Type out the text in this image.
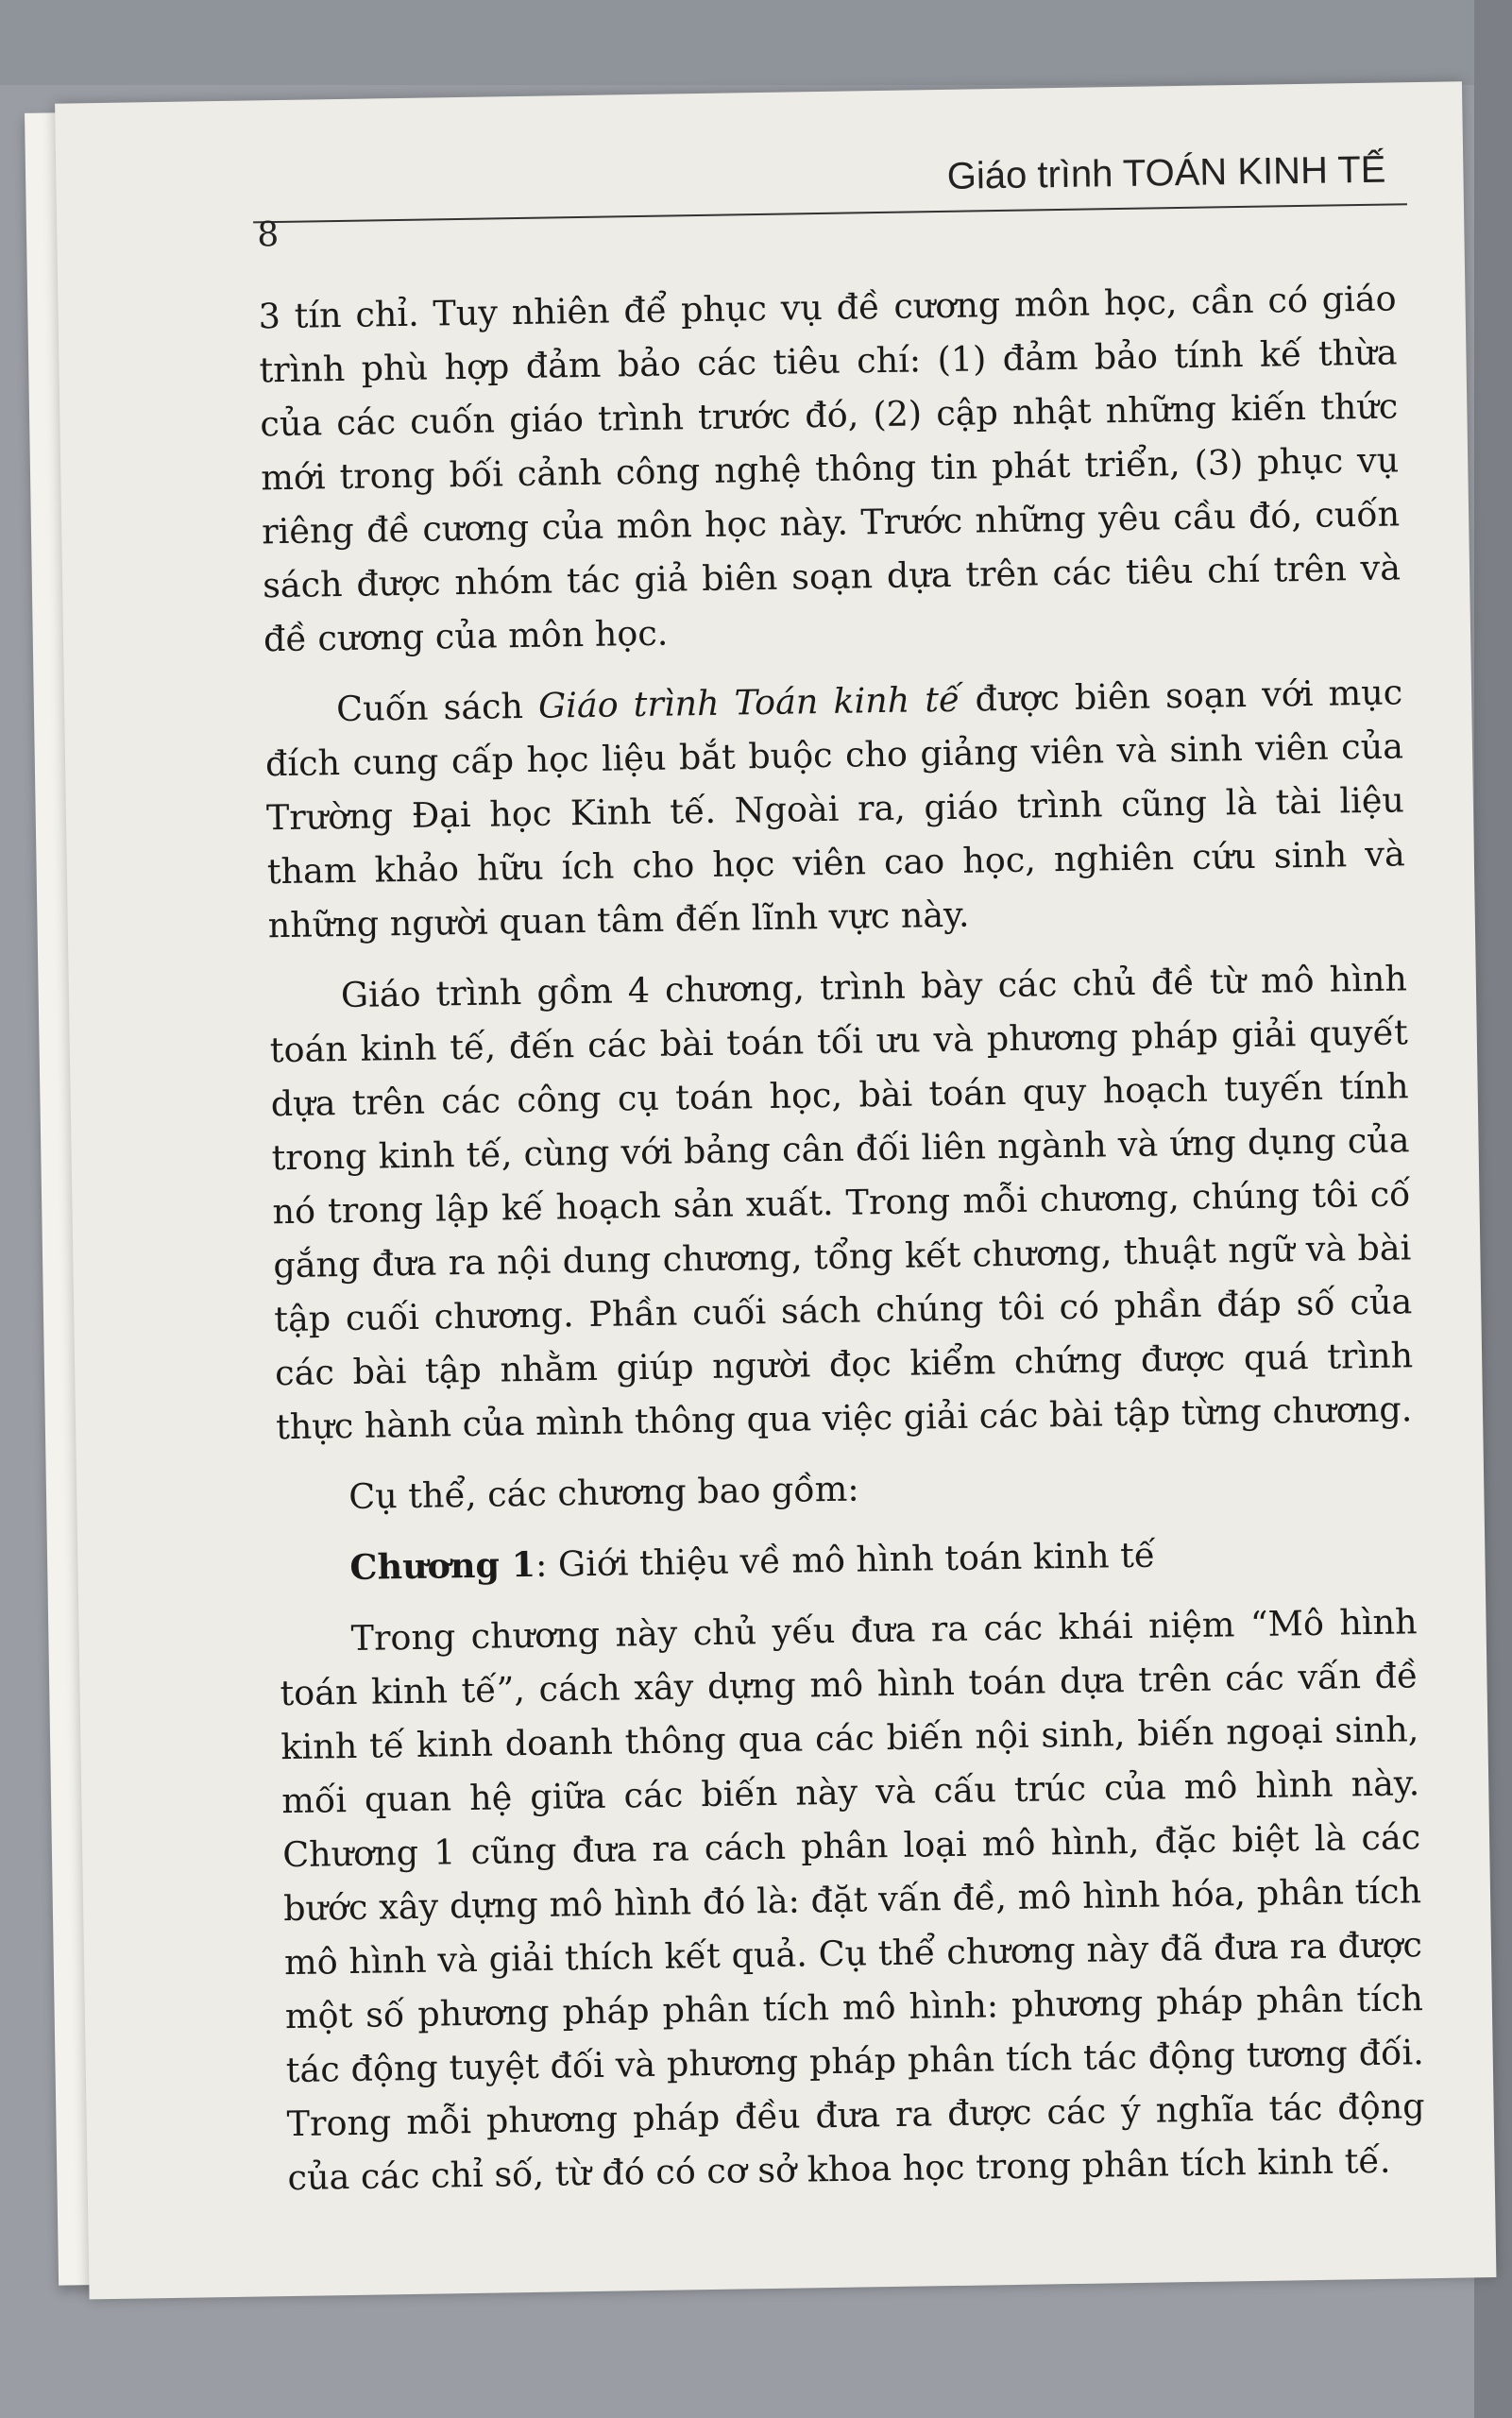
Giáo trình TOÁN KINH TẾ
8

3 tín chỉ. Tuy nhiên để phục vụ đề cương môn học, cần có giáo trình phù hợp đảm bảo các tiêu chí: (1) đảm bảo tính kế thừa của các cuốn giáo trình trước đó, (2) cập nhật những kiến thức mới trong bối cảnh công nghệ thông tin phát triển, (3) phục vụ riêng đề cương của môn học này. Trước những yêu cầu đó, cuốn sách được nhóm tác giả biên soạn dựa trên các tiêu chí trên và đề cương của môn học.

Cuốn sách Giáo trình Toán kinh tế được biên soạn với mục đích cung cấp học liệu bắt buộc cho giảng viên và sinh viên của Trường Đại học Kinh tế. Ngoài ra, giáo trình cũng là tài liệu tham khảo hữu ích cho học viên cao học, nghiên cứu sinh và những người quan tâm đến lĩnh vực này.

Giáo trình gồm 4 chương, trình bày các chủ đề từ mô hình toán kinh tế, đến các bài toán tối ưu và phương pháp giải quyết dựa trên các công cụ toán học, bài toán quy hoạch tuyến tính trong kinh tế, cùng với bảng cân đối liên ngành và ứng dụng của nó trong lập kế hoạch sản xuất. Trong mỗi chương, chúng tôi cố gắng đưa ra nội dung chương, tổng kết chương, thuật ngữ và bài tập cuối chương. Phần cuối sách chúng tôi có phần đáp số của các bài tập nhằm giúp người đọc kiểm chứng được quá trình thực hành của mình thông qua việc giải các bài tập từng chương.

Cụ thể, các chương bao gồm:

Chương 1: Giới thiệu về mô hình toán kinh tế

Trong chương này chủ yếu đưa ra các khái niệm “Mô hình toán kinh tế”, cách xây dựng mô hình toán dựa trên các vấn đề kinh tế kinh doanh thông qua các biến nội sinh, biến ngoại sinh, mối quan hệ giữa các biến này và cấu trúc của mô hình này. Chương 1 cũng đưa ra cách phân loại mô hình, đặc biệt là các bước xây dựng mô hình đó là: đặt vấn đề, mô hình hóa, phân tích mô hình và giải thích kết quả. Cụ thể chương này đã đưa ra được một số phương pháp phân tích mô hình: phương pháp phân tích tác động tuyệt đối và phương pháp phân tích tác động tương đối. Trong mỗi phương pháp đều đưa ra được các ý nghĩa tác động của các chỉ số, từ đó có cơ sở khoa học trong phân tích kinh tế.
